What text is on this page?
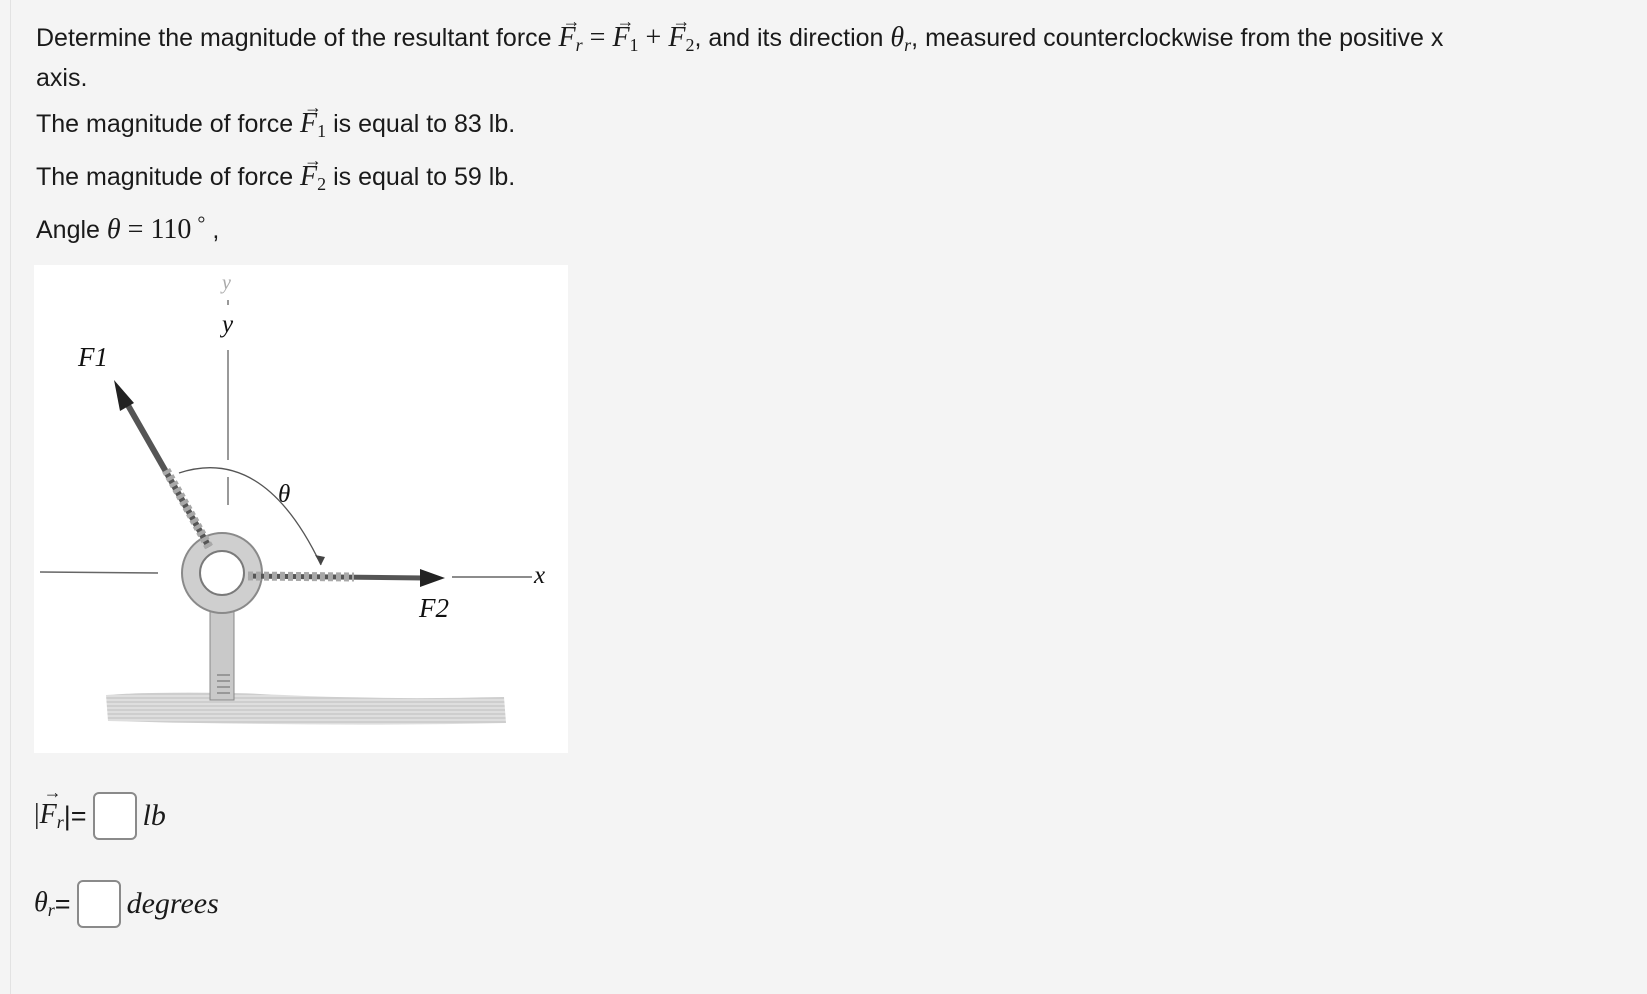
Determine the magnitude of the resultant force → $F_r$ = → $F_1$ + → $F_2$, and its direction $\theta_r$, measured counterclockwise from the positive x
axis.
The magnitude of force → $F_1$ is equal to 83 lb.
The magnitude of force → $F_2$ is equal to 59 lb.
Angle θ = 110 ° ,
F1
F2
θ
x
y
y
|→ $F_r$ |= lb
$\theta_r$ = degrees
